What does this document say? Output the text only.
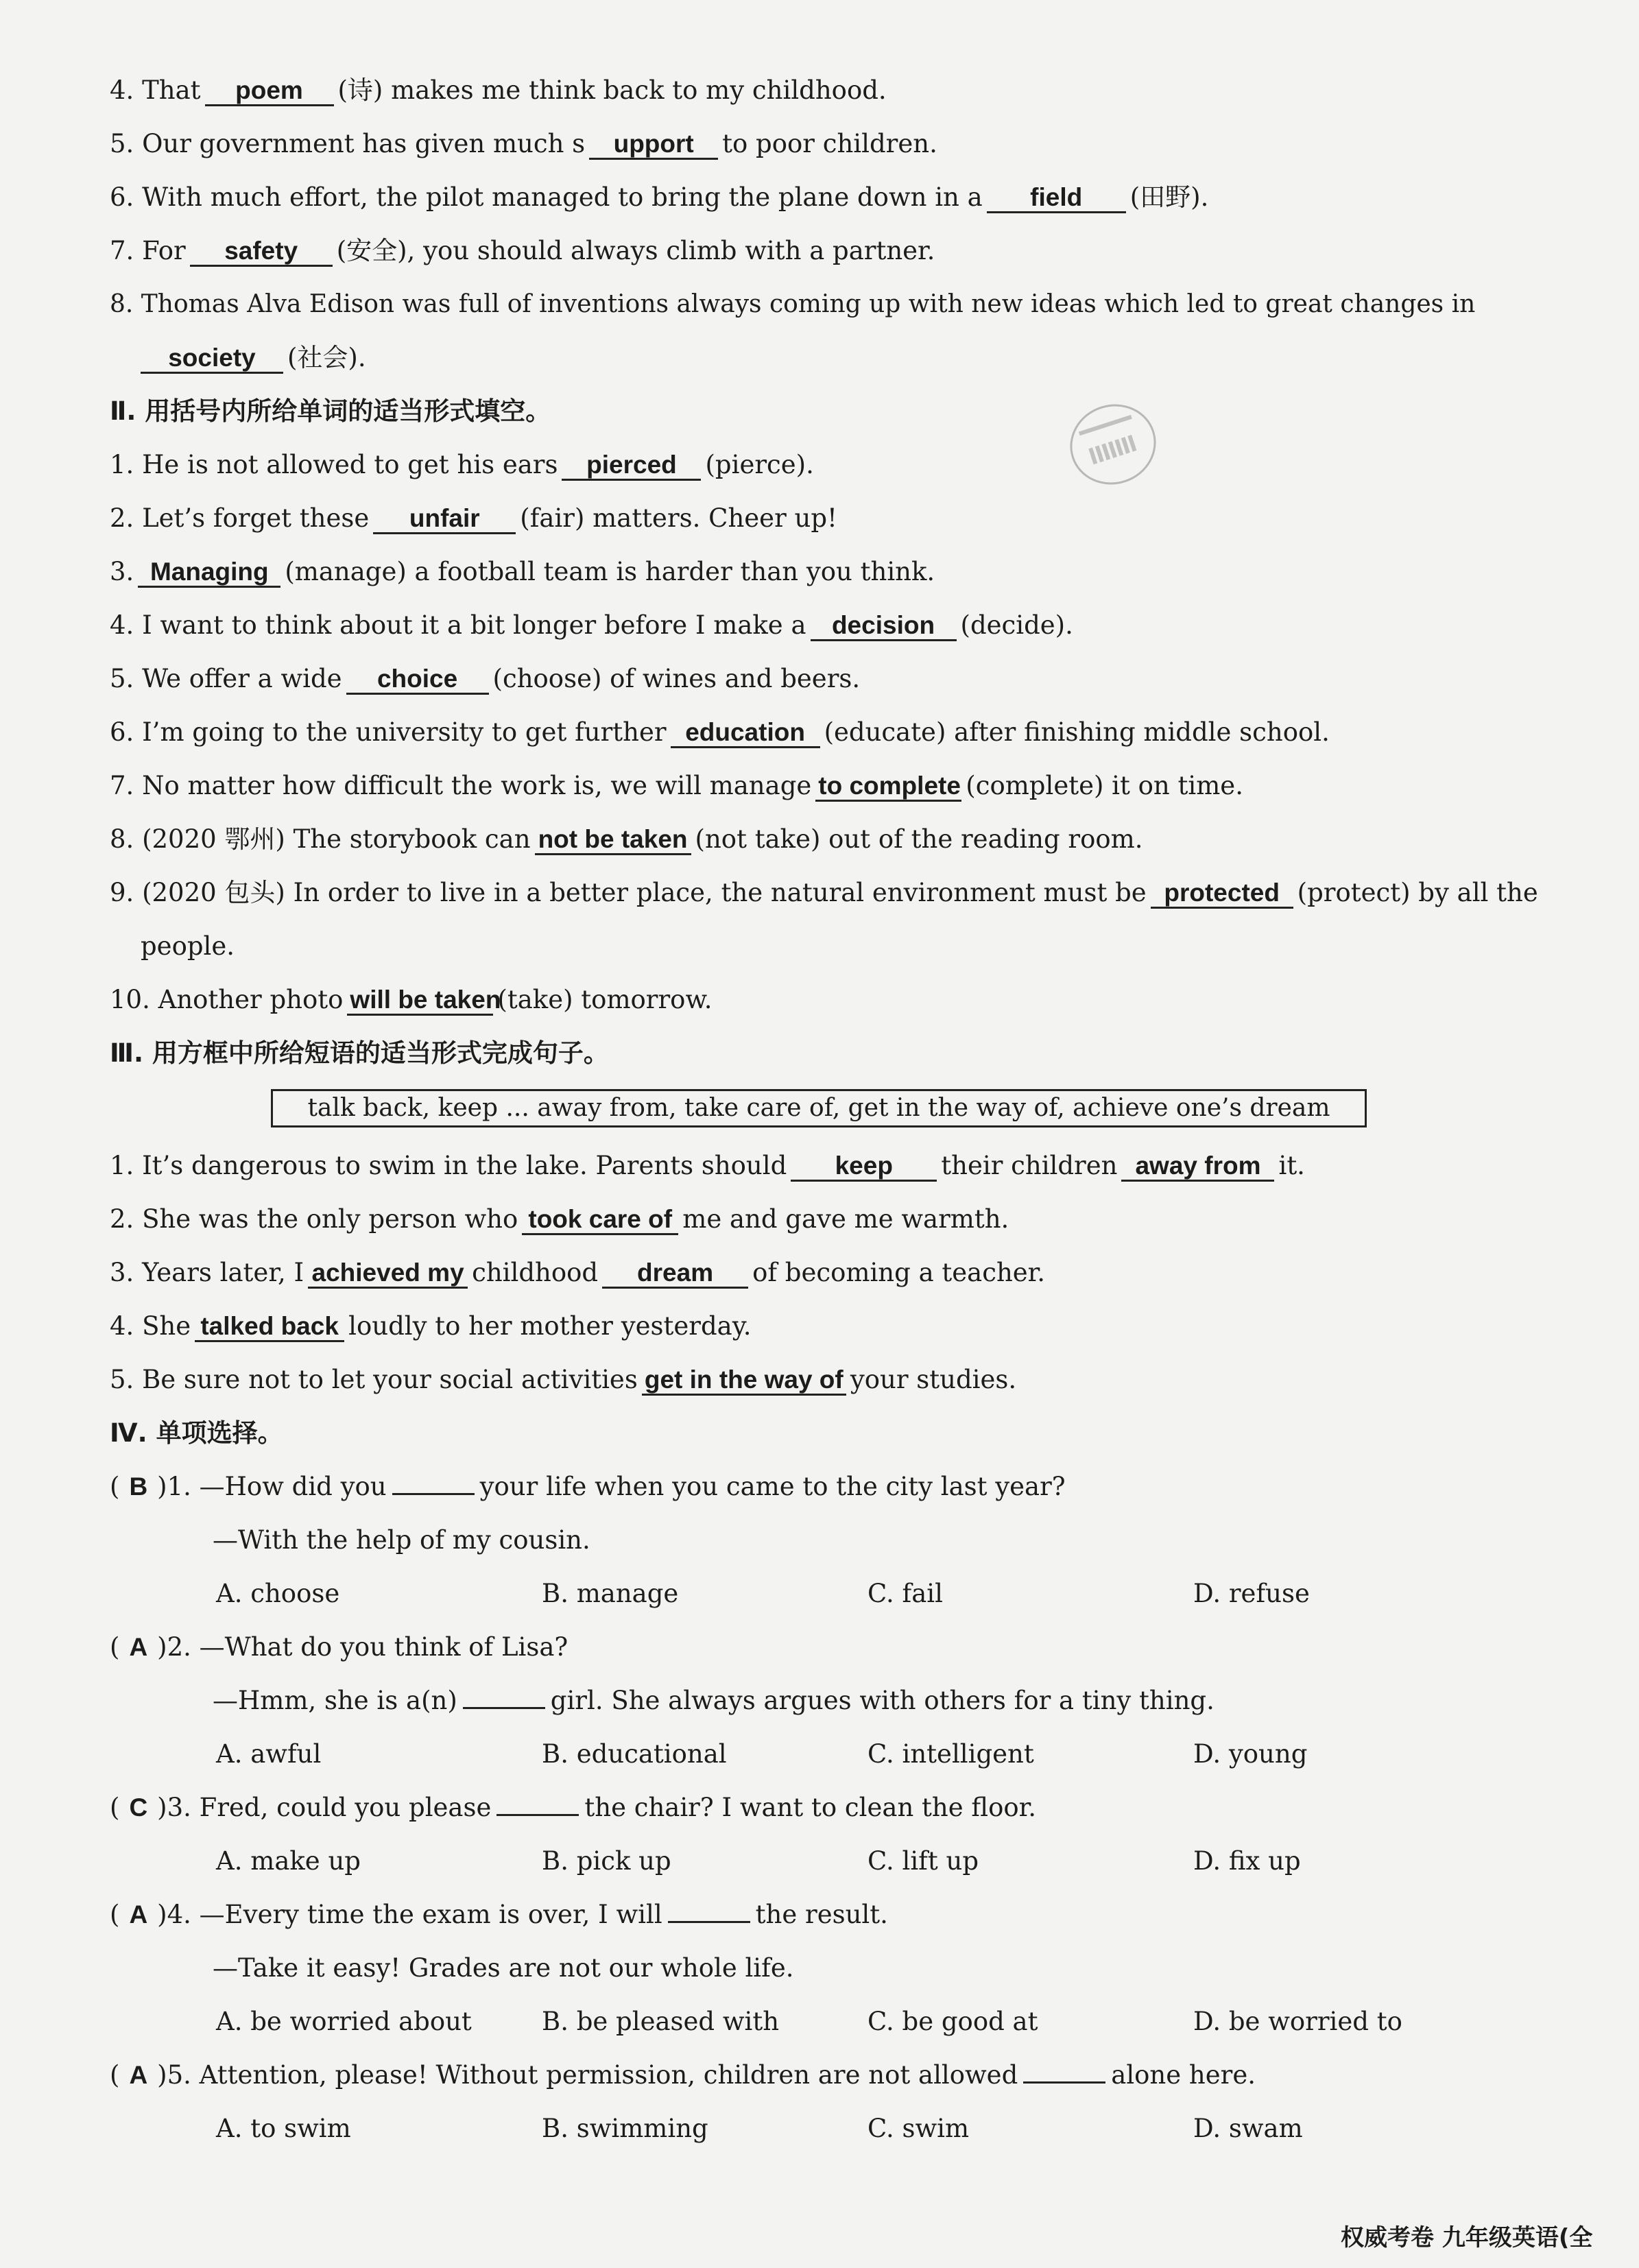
4. That poem (诗) makes me think back to my childhood.
5. Our government has given much s upport to poor children.
6. With much effort, the pilot managed to bring the plane down in a field (田野).
7. For safety (安全), you should always climb with a partner.
8. Thomas Alva Edison was full of inventions always coming up with new ideas which led to great changes in
society (社会).
Ⅱ. 用括号内所给单词的适当形式填空。
1. He is not allowed to get his ears pierced (pierce).
2. Let’s forget these unfair (fair) matters. Cheer up!
3. Managing (manage) a football team is harder than you think.
4. I want to think about it a bit longer before I make a decision (decide).
5. We offer a wide choice (choose) of wines and beers.
6. I’m going to the university to get further education (educate) after finishing middle school.
7. No matter how difficult the work is, we will manage to complete (complete) it on time.
8. (2020 鄂州) The storybook can not be taken (not take) out of the reading room.
9. (2020 包头) In order to live in a better place, the natural environment must be protected (protect) by all the
people.
10. Another photo will be taken(take) tomorrow.
Ⅲ. 用方框中所给短语的适当形式完成句子。
talk back, keep ... away from, take care of, get in the way of, achieve one’s dream
1. It’s dangerous to swim in the lake. Parents should keep their children away from it.
2. She was the only person who took care of me and gave me warmth.
3. Years later, I achieved my childhood dream of becoming a teacher.
4. She talked back loudly to her mother yesterday.
5. Be sure not to let your social activities get in the way of your studies.
Ⅳ. 单项选择。
( B )1. —How did you	your life when you came to the city last year?
—With the help of my cousin.
A. choose	B. manage	C. fail	D. refuse
( A )2. —What do you think of Lisa?
—Hmm, she is a(n)	girl. She always argues with others for a tiny thing.
A. awful	B. educational	C. intelligent	D. young
( C )3. Fred, could you please	the chair? I want to clean the floor.
A. make up	B. pick up	C. lift up	D. fix up
( A )4. —Every time the exam is over, I will	the result.
—Take it easy! Grades are not our whole life.
A. be worried about	B. be pleased with	C. be good at	D. be worried to
( A )5. Attention, please! Without permission, children are not allowed	alone here.
A. to swim	B. swimming	C. swim	D. swam
权威考卷 九年级英语(全
